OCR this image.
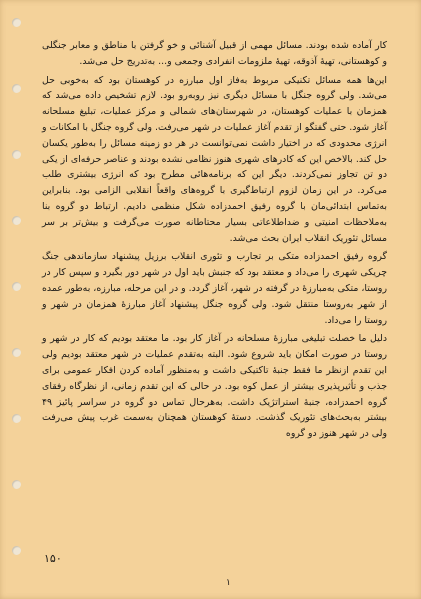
کار آماده شده بودند. مسائل مهمی از قبیل آشنائی و خو گرفتن با مناطق و معابر جنگلی و کوهستانی، تهیهٔ آذوقه، تهیهٔ ملزومات انفرادی وجمعی و... به‌تدریج حل می‌شد.

این‌ها همه مسائل تکنیکی مربوط به‌فاز اول مبارزه در کوهستان بود که به‌خوبی حل می‌شد. ولی گروه جنگل با مسائل دیگری نیز روبه‌رو بود. لازم تشخیص داده می‌شد که همزمان با عملیات کوهستان، در شهرستان‌های شمالی و مرکز عملیات، تبلیغ مسلحانه آغاز شود. حتی گفتگو از تقدم آغاز عملیات در شهر می‌رفت. ولی گروه جنگل با امکانات و انرژی محدودی که در اختیار داشت نمی‌توانست در هر دو زمینه مسائل را به‌طور یکسان حل کند. بالاخص این که کادرهای شهری هنوز نظامی نشده بودند و عناصر حرفه‌ای از یکی دو تن تجاوز نمی‌کردند. دیگر این که برنامه‌هائی مطرح بود که انرژی بیشتری طلب می‌کرد. در این زمان لزوم ارتباط‌گیری با گروه‌های واقعاً انقلابی الزامی بود. بنابراین به‌تماس ابتدائی‌مان با گروه رفیق احمدزاده شکل منظمی دادیم. ارتباط دو گروه بنا به‌ملاحظات امنیتی و ضداطلاعاتی بسیار محتاطانه صورت می‌گرفت و بیش‌تر بر سر مسائل تئوریک انقلاب ایران بحث می‌شد.

گروه رفیق احمدزاده متکی بر تجارب و تئوری انقلاب برزیل پیشنهاد سازماندهی جنگ چریکی شهری را می‌داد و معتقد بود که جنبش باید اول در شهر دور بگیرد و سپس کار در روستا، متکی به‌مبارزهٔ در گرفته در شهر، آغاز گردد. و در این مرحله، مبارزه، به‌طور عمده از شهر به‌روستا منتقل شود. ولی گروه جنگل پیشنهاد آغاز مبارزهٔ همزمان در شهر و روستا را می‌داد.

دلیل ما خصلت تبلیغی مبارزهٔ مسلحانه در آغاز کار بود. ما معتقد بودیم که کار در شهر و روستا در صورت امکان باید شروع شود. البته به‌تقدم عملیات در شهر معتقد بودیم ولی این تقدم ازنظر ما فقط جنبهٔ تاکتیکی داشت و به‌منظور آماده کردن افکار عمومی برای جذب و تأثیرپذیری بیشتر از عمل کوه بود. در حالی که این تقدم زمانی، از نظرگاه رفقای گروه احمدزاده، جنبهٔ استراتژیک داشت. به‌هرحال تماس دو گروه در سراسر پائیز ۴۹ بیشتر به‌بحث‌های تئوریک گذشت. دستهٔ کوهستان همچنان به‌سمت غرب پیش می‌رفت ولی در شهر هنوز دو گروه

۱۵۰
۱
